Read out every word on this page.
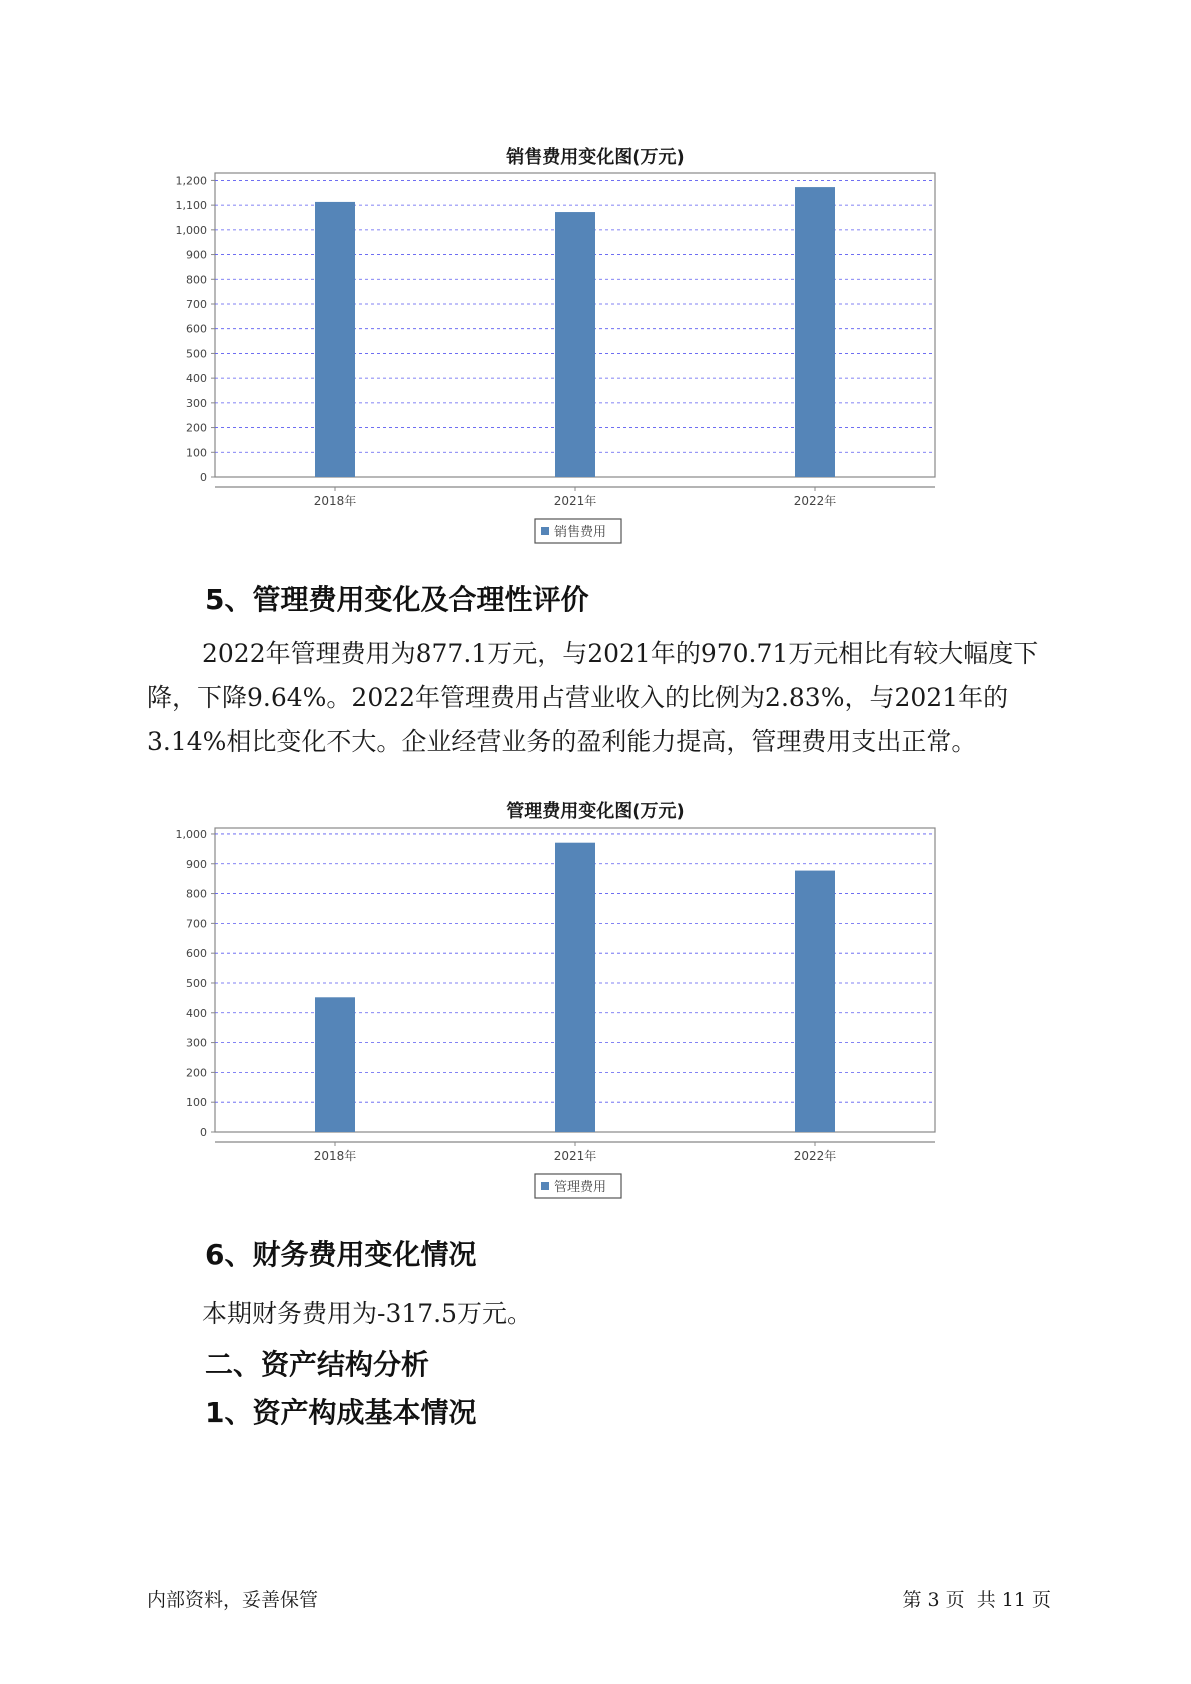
销售费用变化图(万元)
0
100
200
300
400
500
600
700
800
900
1,000
1,100
1,200
2018年	2021年	2022年
销售费用
5、管理费用变化及合理性评价

2022年管理费用为877.1万元，与2021年的970.71万元相比有较大幅度下降，下降9.64%。2022年管理费用占营业收入的比例为2.83%，与2021年的3.14%相比变化不大。企业经营业务的盈利能力提高，管理费用支出正常。

管理费用变化图(万元)
0
100
200
300
400
500
600
700
800
900
1,000
2018年	2021年	2022年
管理费用
6、财务费用变化情况
本期财务费用为-317.5万元。
二、资产结构分析
1、资产构成基本情况
内部资料，妥善保管	第 3 页  共 11 页
